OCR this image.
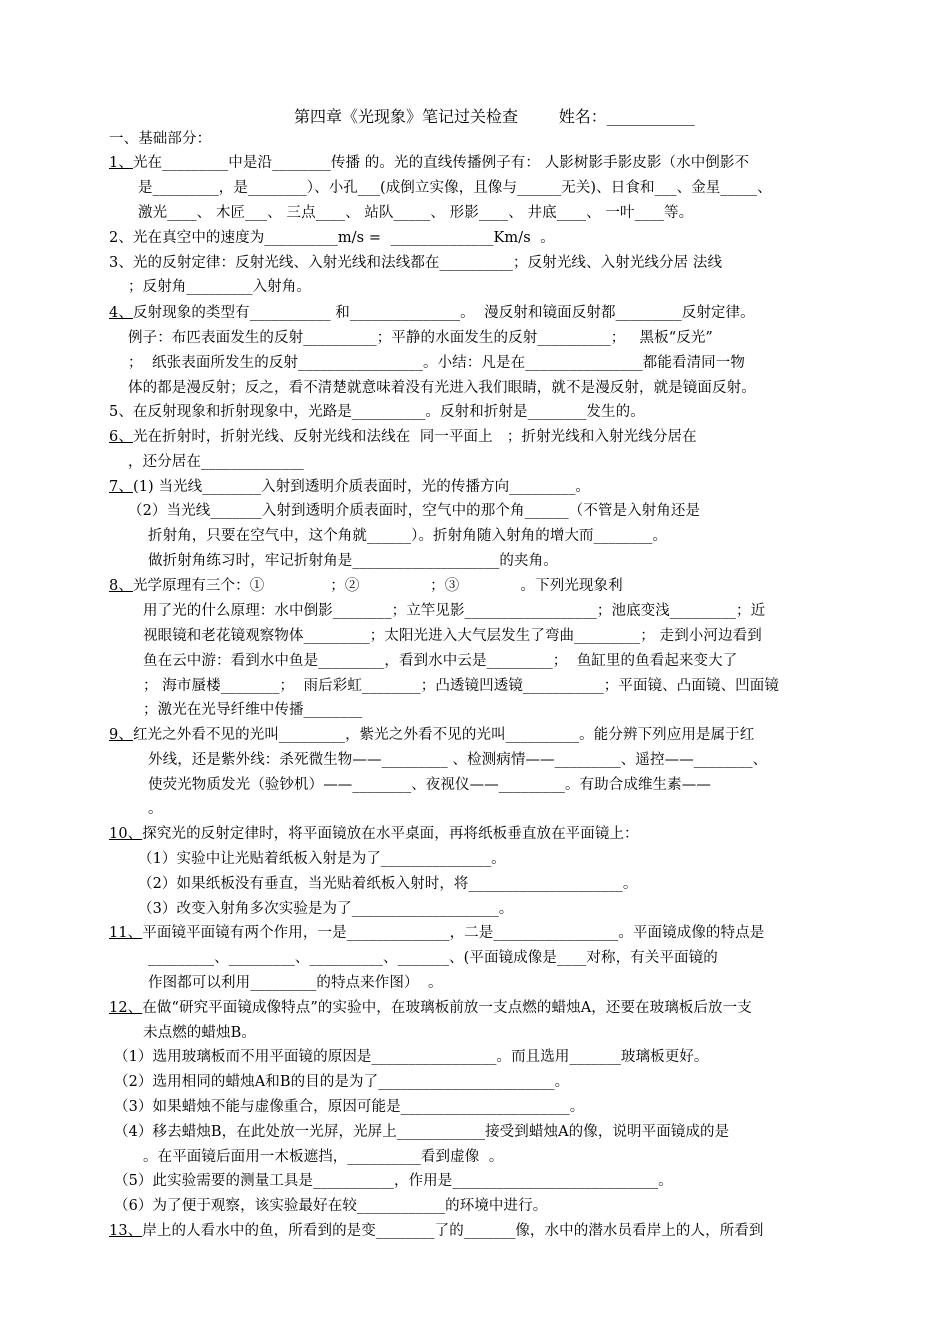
第四章《光现象》笔记过关检查        姓名：___________
一、基础部分：
1、光在_________中是沿________传播 的。光的直线传播例子有： 人影树影手影皮影（水中倒影不
是_________，是________）、小孔___(成倒立实像，且像与______无关)、日食和___、金星_____、
激光____、 木匠___、 三点____、 站队_____、 形影____、 井底____、 一叶____等。
2、光在真空中的速度为__________m/s =  ______________Km/s  。
3、光的反射定律：反射光线、入射光线和法线都在__________；反射光线、入射光线分居 法线
；反射角_________入射角。
4、反射现象的类型有___________ 和_______________。  漫反射和镜面反射都_________反射定律。
例子：布匹表面发生的反射__________；平静的水面发生的反射__________；   黑板“反光”
；  纸张表面所发生的反射_________________。小结：凡是在________________都能看清同一物
体的都是漫反射；反之，看不清楚就意味着没有光进入我们眼睛，就不是漫反射，就是镜面反射。
5、在反射现象和折射现象中，光路是__________。反射和折射是________发生的。
6、光在折射时，折射光线、反射光线和法线在  同一平面上   ；折射光线和入射光线分居在
，还分居在______________
7、(1) 当光线________入射到透明介质表面时，光的传播方向_________。
（2）当光线_______入射到透明介质表面时，空气中的那个角______（不管是入射角还是
折射角，只要在空气中，这个角就______）。折射角随入射角的增大而________。
做折射角练习时，牢记折射角是____________________的夹角。
8、光学原理有三个：①              ；②               ；③             。下列光现象利
用了光的什么原理：水中倒影________；立竿见影__________________；池底变浅_________；近
视眼镜和老花镜观察物体_________；太阳光进入大气层发生了弯曲_________； 走到小河边看到
鱼在云中游：看到水中鱼是_________，看到水中云是_________；  鱼缸里的鱼看起来变大了
； 海市蜃楼________；  雨后彩虹________；凸透镜凹透镜___________；平面镜、凸面镜、凹面镜
；激光在光导纤维中传播________
9、红光之外看不见的光叫_________，紫光之外看不见的光叫__________。能分辨下列应用是属于红
外线，还是紫外线：杀死微生物——_________ 、检测病情——_________、遥控——________、
使荧光物质发光（验钞机）——________、夜视仪——_________。有助合成维生素——
。
10、探究光的反射定律时，将平面镜放在水平桌面，再将纸板垂直放在平面镜上：
（1）实验中让光贴着纸板入射是为了_______________。
（2）如果纸板没有垂直，当光贴着纸板入射时，将_____________________。
（3）改变入射角多次实验是为了____________________。
11、平面镜平面镜有两个作用，一是______________，二是_________________。平面镜成像的特点是
_________、_________、__________、_______、(平面镜成像是____对称，有关平面镜的
作图都可以利用_________的特点来作图）  。
12、在做“研究平面镜成像特点”的实验中，在玻璃板前放一支点燃的蜡烛A，还要在玻璃板后放一支
未点燃的蜡烛B。
（1）选用玻璃板而不用平面镜的原因是_________________。而且选用_______玻璃板更好。
（2）选用相同的蜡烛A和B的目的是为了________________________。
（3）如果蜡烛不能与虚像重合，原因可能是_______________________。
（4）移去蜡烛B，在此处放一光屏，光屏上____________接受到蜡烛A的像，说明平面镜成的是
。在平面镜后面用一木板遮挡，__________看到虚像  。
（5）此实验需要的测量工具是___________，作用是____________________________。
（6）为了便于观察，该实验最好在较____________的环境中进行。
13、岸上的人看水中的鱼，所看到的是变________了的_______像，水中的潜水员看岸上的人，所看到
